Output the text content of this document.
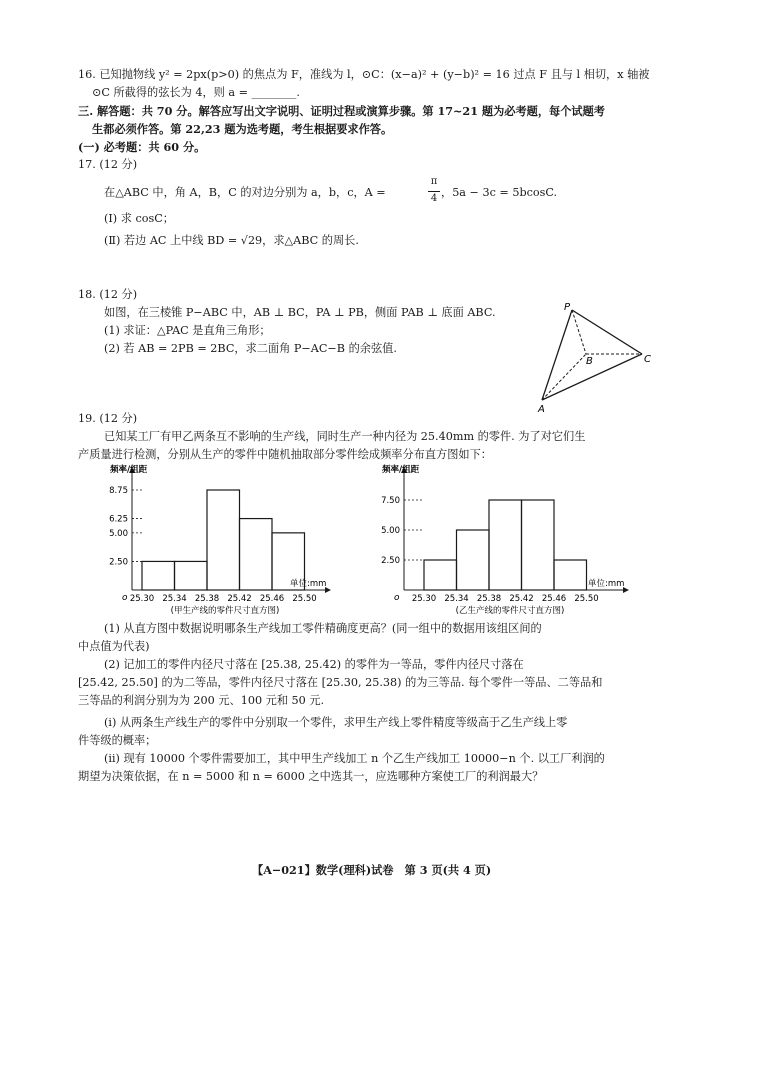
16. 已知抛物线 y² = 2px(p>0) 的焦点为 F，准线为 l，⊙C：(x−a)² + (y−b)² = 16 过点 F 且与 l 相切，x 轴被
⊙C 所截得的弦长为 4，则 a = ________.
三. 解答题：共 70 分。解答应写出文字说明、证明过程或演算步骤。第 17~21 题为必考题，每个试题考
生都必须作答。第 22,23 题为选考题，考生根据要求作答。
(一) 必考题：共 60 分。
17. (12 分)
在△ABC 中，角 A，B，C 的对边分别为 a，b，c，A =
π
4 ，5a − 3c = 5bcosC.
(Ⅰ) 求 cosC；
(Ⅱ) 若边 AC 上中线 BD = √29，求△ABC 的周长.
18. (12 分)
如图，在三棱锥 P−ABC 中，AB ⊥ BC，PA ⊥ PB，侧面 PAB ⊥ 底面 ABC.
(1) 求证：△PAC 是直角三角形；
(2) 若 AB = 2PB = 2BC，求二面角 P−AC−B 的余弦值.
P
B	C
A
19. (12 分)
已知某工厂有甲乙两条互不影响的生产线，同时生产一种内径为 25.40mm 的零件. 为了对它们生
产质量进行检测，分别从生产的零件中随机抽取部分零件绘成频率分布直方图如下：
频率/组距
单位:mm
o
2.50
5.00
6.25
8.75
25.30 25.34 25.38 25.42 25.46 25.50
(甲生产线的零件尺寸直方图)
频率/组距
单位:mm
o
2.50
5.00
7.50
25.30 25.34 25.38 25.42 25.46 25.50
(乙生产线的零件尺寸直方图)
(1) 从直方图中数据说明哪条生产线加工零件精确度更高？(同一组中的数据用该组区间的
中点值为代表)
(2) 记加工的零件内径尺寸落在 [25.38, 25.42) 的零件为一等品，零件内径尺寸落在
[25.42, 25.50] 的为二等品，零件内径尺寸落在 [25.30, 25.38) 的为三等品. 每个零件一等品、二等品和
三等品的利润分别为为 200 元、100 元和 50 元.
(ⅰ) 从两条生产线生产的零件中分别取一个零件，求甲生产线上零件精度等级高于乙生产线上零
件等级的概率；
(ⅱ) 现有 10000 个零件需要加工，其中甲生产线加工 n 个乙生产线加工 10000−n 个. 以工厂利润的
期望为决策依据，在 n = 5000 和 n = 6000 之中选其一，应选哪种方案使工厂的利润最大？
【A−021】数学(理科)试卷　第 3 页(共 4 页)
